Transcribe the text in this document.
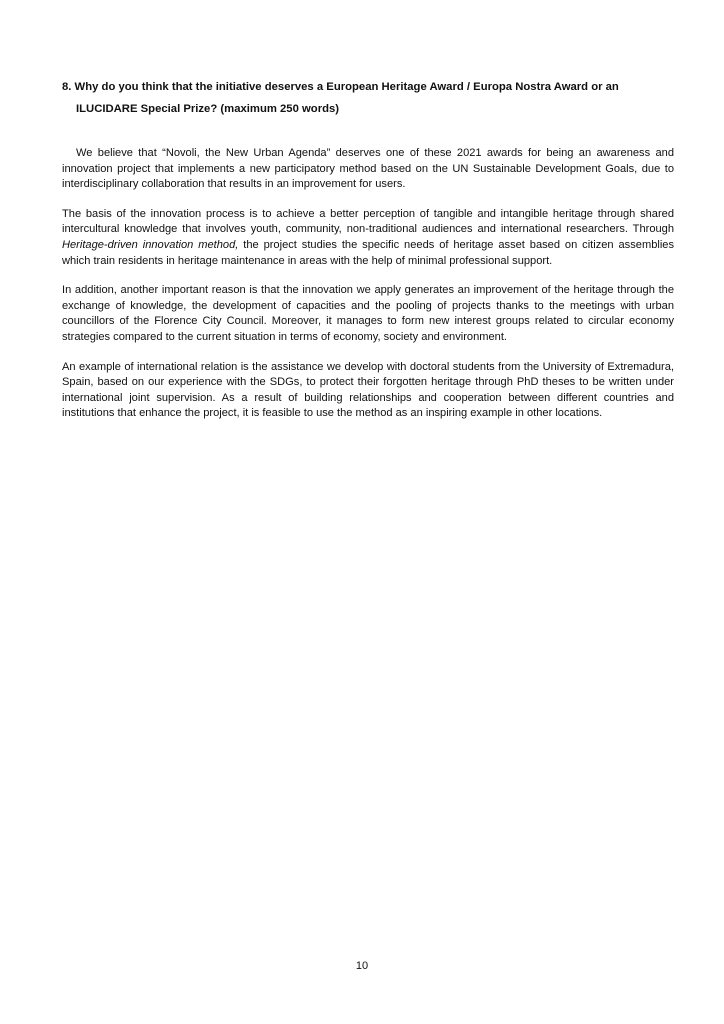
8. Why do you think that the initiative deserves a European Heritage Award / Europa Nostra Award or an
ILUCIDARE Special Prize? (maximum 250 words)

We believe that “Novoli, the New Urban Agenda” deserves one of these 2021 awards for being an awareness and innovation project that implements a new participatory method based on the UN Sustainable Development Goals, due to interdisciplinary collaboration that results in an improvement for users.

The basis of the innovation process is to achieve a better perception of tangible and intangible heritage through shared intercultural knowledge that involves youth, community, non-traditional audiences and international researchers. Through Heritage-driven innovation method, the project studies the specific needs of heritage asset based on citizen assemblies which train residents in heritage maintenance in areas with the help of minimal professional support.

In addition, another important reason is that the innovation we apply generates an improvement of the heritage through the exchange of knowledge, the development of capacities and the pooling of projects thanks to the meetings with urban councillors of the Florence City Council. Moreover, it manages to form new interest groups related to circular economy strategies compared to the current situation in terms of economy, society and environment.

An example of international relation is the assistance we develop with doctoral students from the University of Extremadura, Spain, based on our experience with the SDGs, to protect their forgotten heritage through PhD theses to be written under international joint supervision. As a result of building relationships and cooperation between different countries and institutions that enhance the project, it is feasible to use the method as an inspiring example in other locations.

10
